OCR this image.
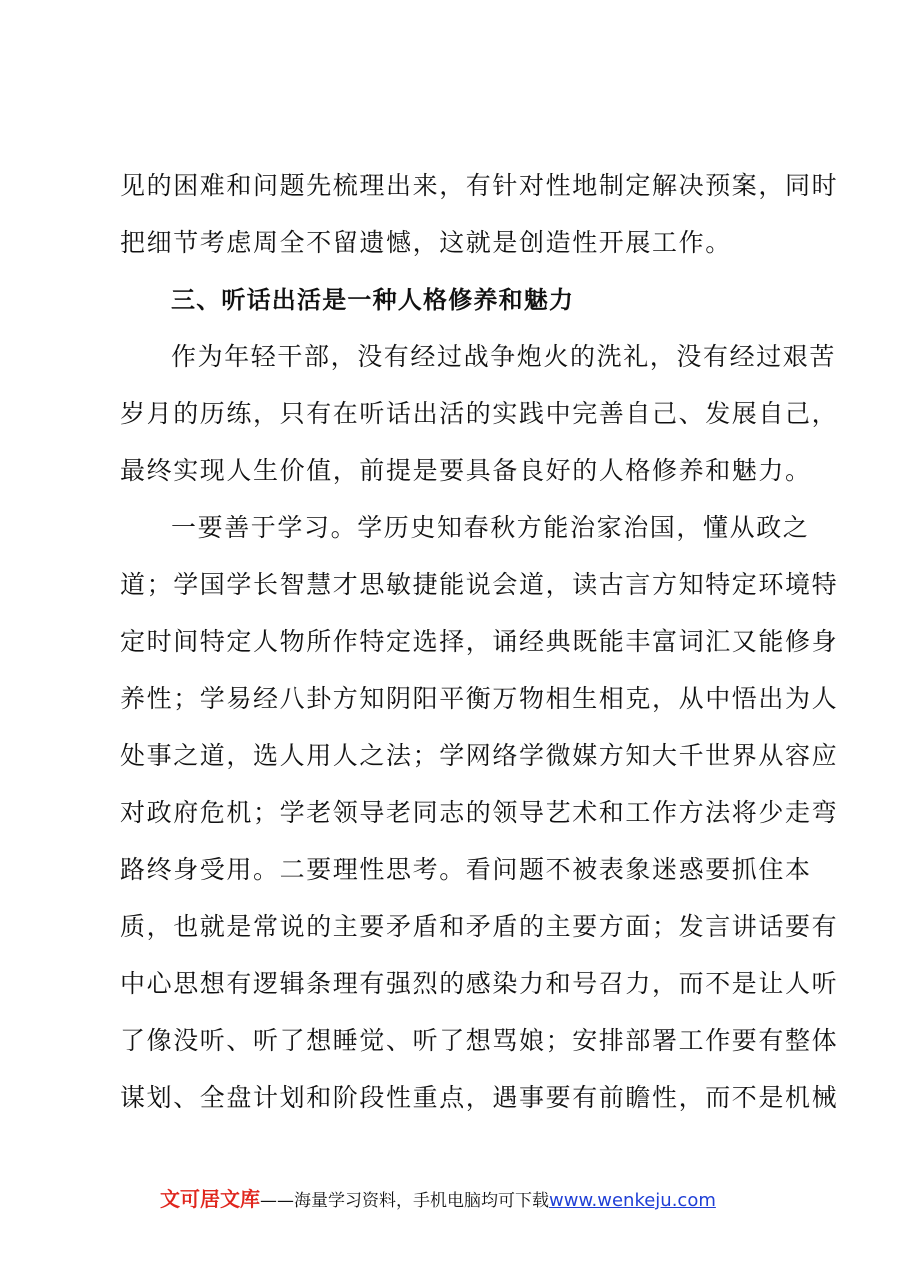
见的困难和问题先梳理出来，有针对性地制定解决预案，同时
把细节考虑周全不留遗憾，这就是创造性开展工作。
三、听话出活是一种人格修养和魅力
作为年轻干部，没有经过战争炮火的洗礼，没有经过艰苦
岁月的历练，只有在听话出活的实践中完善自己、发展自己，
最终实现人生价值，前提是要具备良好的人格修养和魅力。
一要善于学习。学历史知春秋方能治家治国，懂从政之
道；学国学长智慧才思敏捷能说会道，读古言方知特定环境特
定时间特定人物所作特定选择，诵经典既能丰富词汇又能修身
养性；学易经八卦方知阴阳平衡万物相生相克，从中悟出为人
处事之道，选人用人之法；学网络学微媒方知大千世界从容应
对政府危机；学老领导老同志的领导艺术和工作方法将少走弯
路终身受用。二要理性思考。看问题不被表象迷惑要抓住本
质，也就是常说的主要矛盾和矛盾的主要方面；发言讲话要有
中心思想有逻辑条理有强烈的感染力和号召力，而不是让人听
了像没听、听了想睡觉、听了想骂娘；安排部署工作要有整体
谋划、全盘计划和阶段性重点，遇事要有前瞻性，而不是机械
文可居文库——海量学习资料，手机电脑均可下载www.wenkeju.com
